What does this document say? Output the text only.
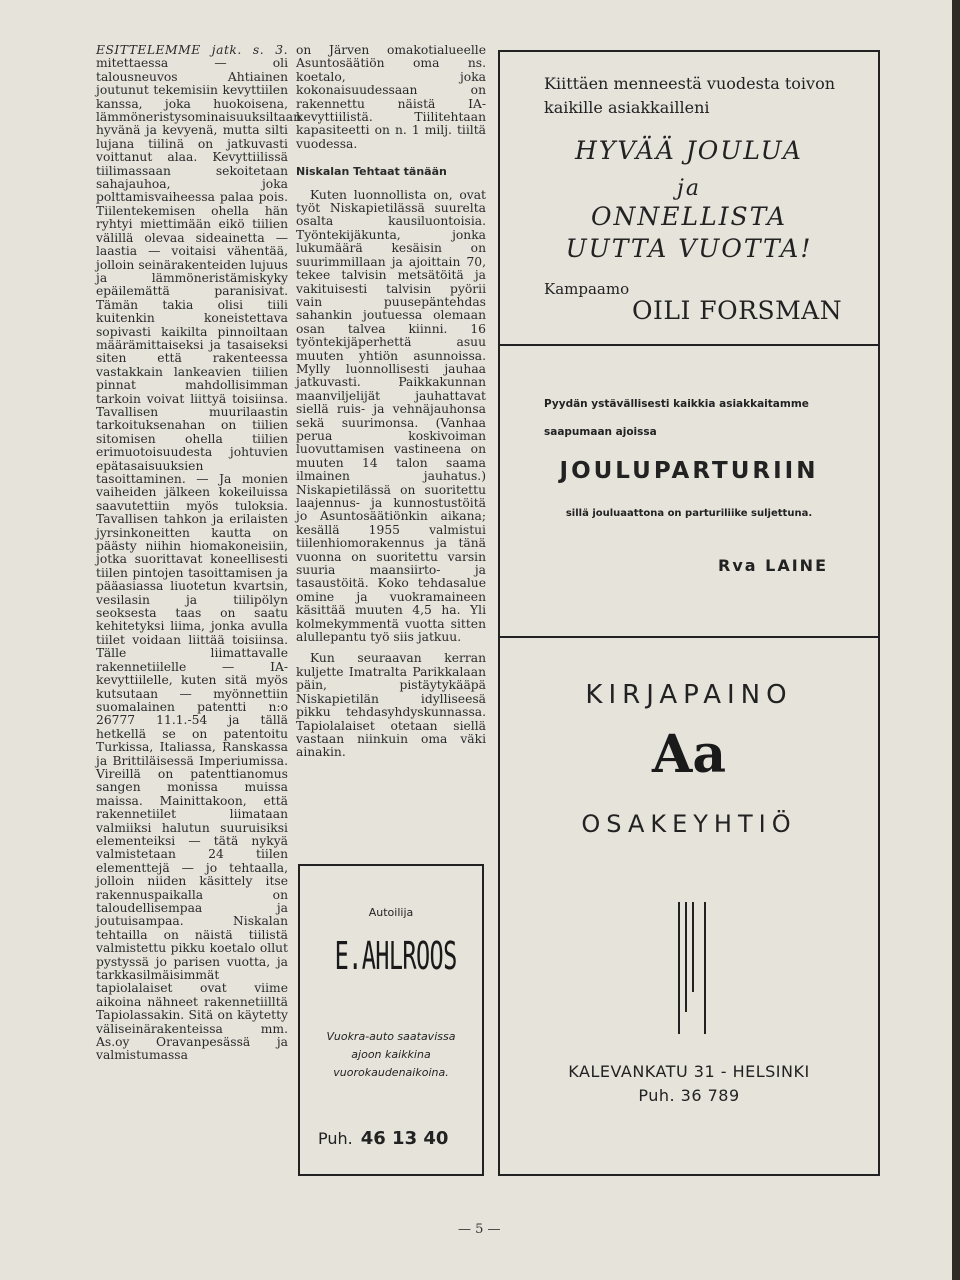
ESITTELEMME jatk. s. 3. mitettaessa — oli talousneuvos Ahtiainen joutunut tekemisiin kevyttiilen kanssa, joka huokoisena, lämmöneristysominaisuuksiltaan hyvänä ja kevyenä, mutta silti lujana tiilinä on jatkuvasti voittanut alaa. Kevyttiilissä tiilimassaan sekoitetaan sahajauhoa, joka polttamisvaiheessa palaa pois. Tiilentekemisen ohella hän ryhtyi miettimään eikö tiilien välillä olevaa sideainetta — laastia — voitaisi vähentää, jolloin seinärakenteiden lujuus ja lämmöneristämiskyky epäilemättä paranisivat. Tämän takia olisi tiili kuitenkin koneistettava sopivasti kaikilta pinnoiltaan määrämittaiseksi ja tasaiseksi siten että rakenteessa vastakkain lankeavien tiilien pinnat mahdollisimman tarkoin voivat liittyä toisiinsa. Tavallisen muurilaastin tarkoituksenahan on tiilien sitomisen ohella tiilien erimuotoisuudesta johtuvien epätasaisuuksien tasoittaminen. — Ja monien vaiheiden jälkeen kokeiluissa saavutettiin myös tuloksia. Tavallisen tahkon ja erilaisten jyrsinkoneitten kautta on päästy niihin hiomakoneisiin, jotka suorittavat koneellisesti tiilen pintojen tasoittamisen ja pääasiassa liuotetun kvartsin, vesilasin ja tiilipölyn seoksesta taas on saatu kehitetyksi liima, jonka avulla tiilet voidaan liittää toisiinsa. Tälle liimattavalle rakennetiilelle — IA-kevyttiilelle, kuten sitä myös kutsutaan — myönnettiin suomalainen patentti n:o 26777 11.1.-54 ja tällä hetkellä se on patentoitu Turkissa, Italiassa, Ranskassa ja Brittiläisessä Imperiumissa. Vireillä on patenttianomus sangen monissa muissa maissa. Mainittakoon, että rakennetiilet liimataan valmiiksi halutun suuruisiksi elementeiksi — tätä nykyä valmistetaan 24 tiilen elementtejä — jo tehtaalla, jolloin niiden käsittely itse rakennuspaikalla on taloudellisempaa ja joutuisampaa. Niskalan tehtailla on näistä tiilistä valmistettu pikku koetalo ollut pystyssä jo parisen vuotta, ja tarkkasilmäisimmät tapiolalaiset ovat viime aikoina nähneet rakennetiilltä Tapiolassakin. Sitä on käytetty väliseinärakenteissa mm. As.oy Oravanpesässä ja valmistumassa

on Järven omakotialueelle Asuntosäätiön oma ns. koetalo, joka kokonaisuudessaan on rakennettu näistä IA-kevyttiilistä. Tiilitehtaan kapasiteetti on n. 1 milj. tiiltä vuodessa.

Niskalan Tehtaat tänään

Kuten luonnollista on, ovat työt Niskapietilässä suurelta osalta kausiluontoisia. Työntekijäkunta, jonka lukumäärä kesäisin on suurimmillaan ja ajoittain 70, tekee talvisin metsätöitä ja vakituisesti talvisin pyörii vain puusepäntehdas sahankin joutuessa olemaan osan talvea kiinni. 16 työntekijäperhettä asuu muuten yhtiön asunnoissa. Mylly luonnollisesti jauhaa jatkuvasti. Paikkakunnan maanviljelijät jauhattavat siellä ruis- ja vehnäjauhonsa sekä suurimonsa. (Vanhaa perua koskivoiman luovuttamisen vastineena on muuten 14 talon saama ilmainen jauhatus.) Niskapietilässä on suoritettu laajennus- ja kunnostustöitä jo Asuntosäätiönkin aikana; kesällä 1955 valmistui tiilenhiomorakennus ja tänä vuonna on suoritettu varsin suuria maansiirto- ja tasaustöitä. Koko tehdasalue omine ja vuokramaineen käsittää muuten 4,5 ha. Yli kolmekymmentä vuotta sitten alullepantu työ siis jatkuu.

Kun seuraavan kerran kuljette Imatralta Parikkalaan päin, pistäytykääpä Niskapietilän idylliseesä pikku tehdasyhdyskunnassa. Tapiolalaiset otetaan siellä vastaan niinkuin oma väki ainakin.

Kiittäen menneestä vuodesta toivon
kaikille asiakkailleni
HYVÄÄ JOULUA
ja
ONNELLISTA
UUTTA VUOTTA!
Kampaamo
OILI FORSMAN
Pyydän ystävällisesti kaikkia asiakkaitamme
saapumaan ajoissa
JOULUPARTURIIN
sillä jouluaattona on parturiliike suljettuna.
Rva LAINE
KIRJAPAINO
Aa
OSAKEYHTIÖ
KALEVANKATU 31 - HELSINKI
Puh. 36 789
Autoilija
E.AHLROOS
Vuokra-auto saatavissa ajoon kaikkina vuorokaudenaikoina.
Puh. 46 13 40
— 5 —
